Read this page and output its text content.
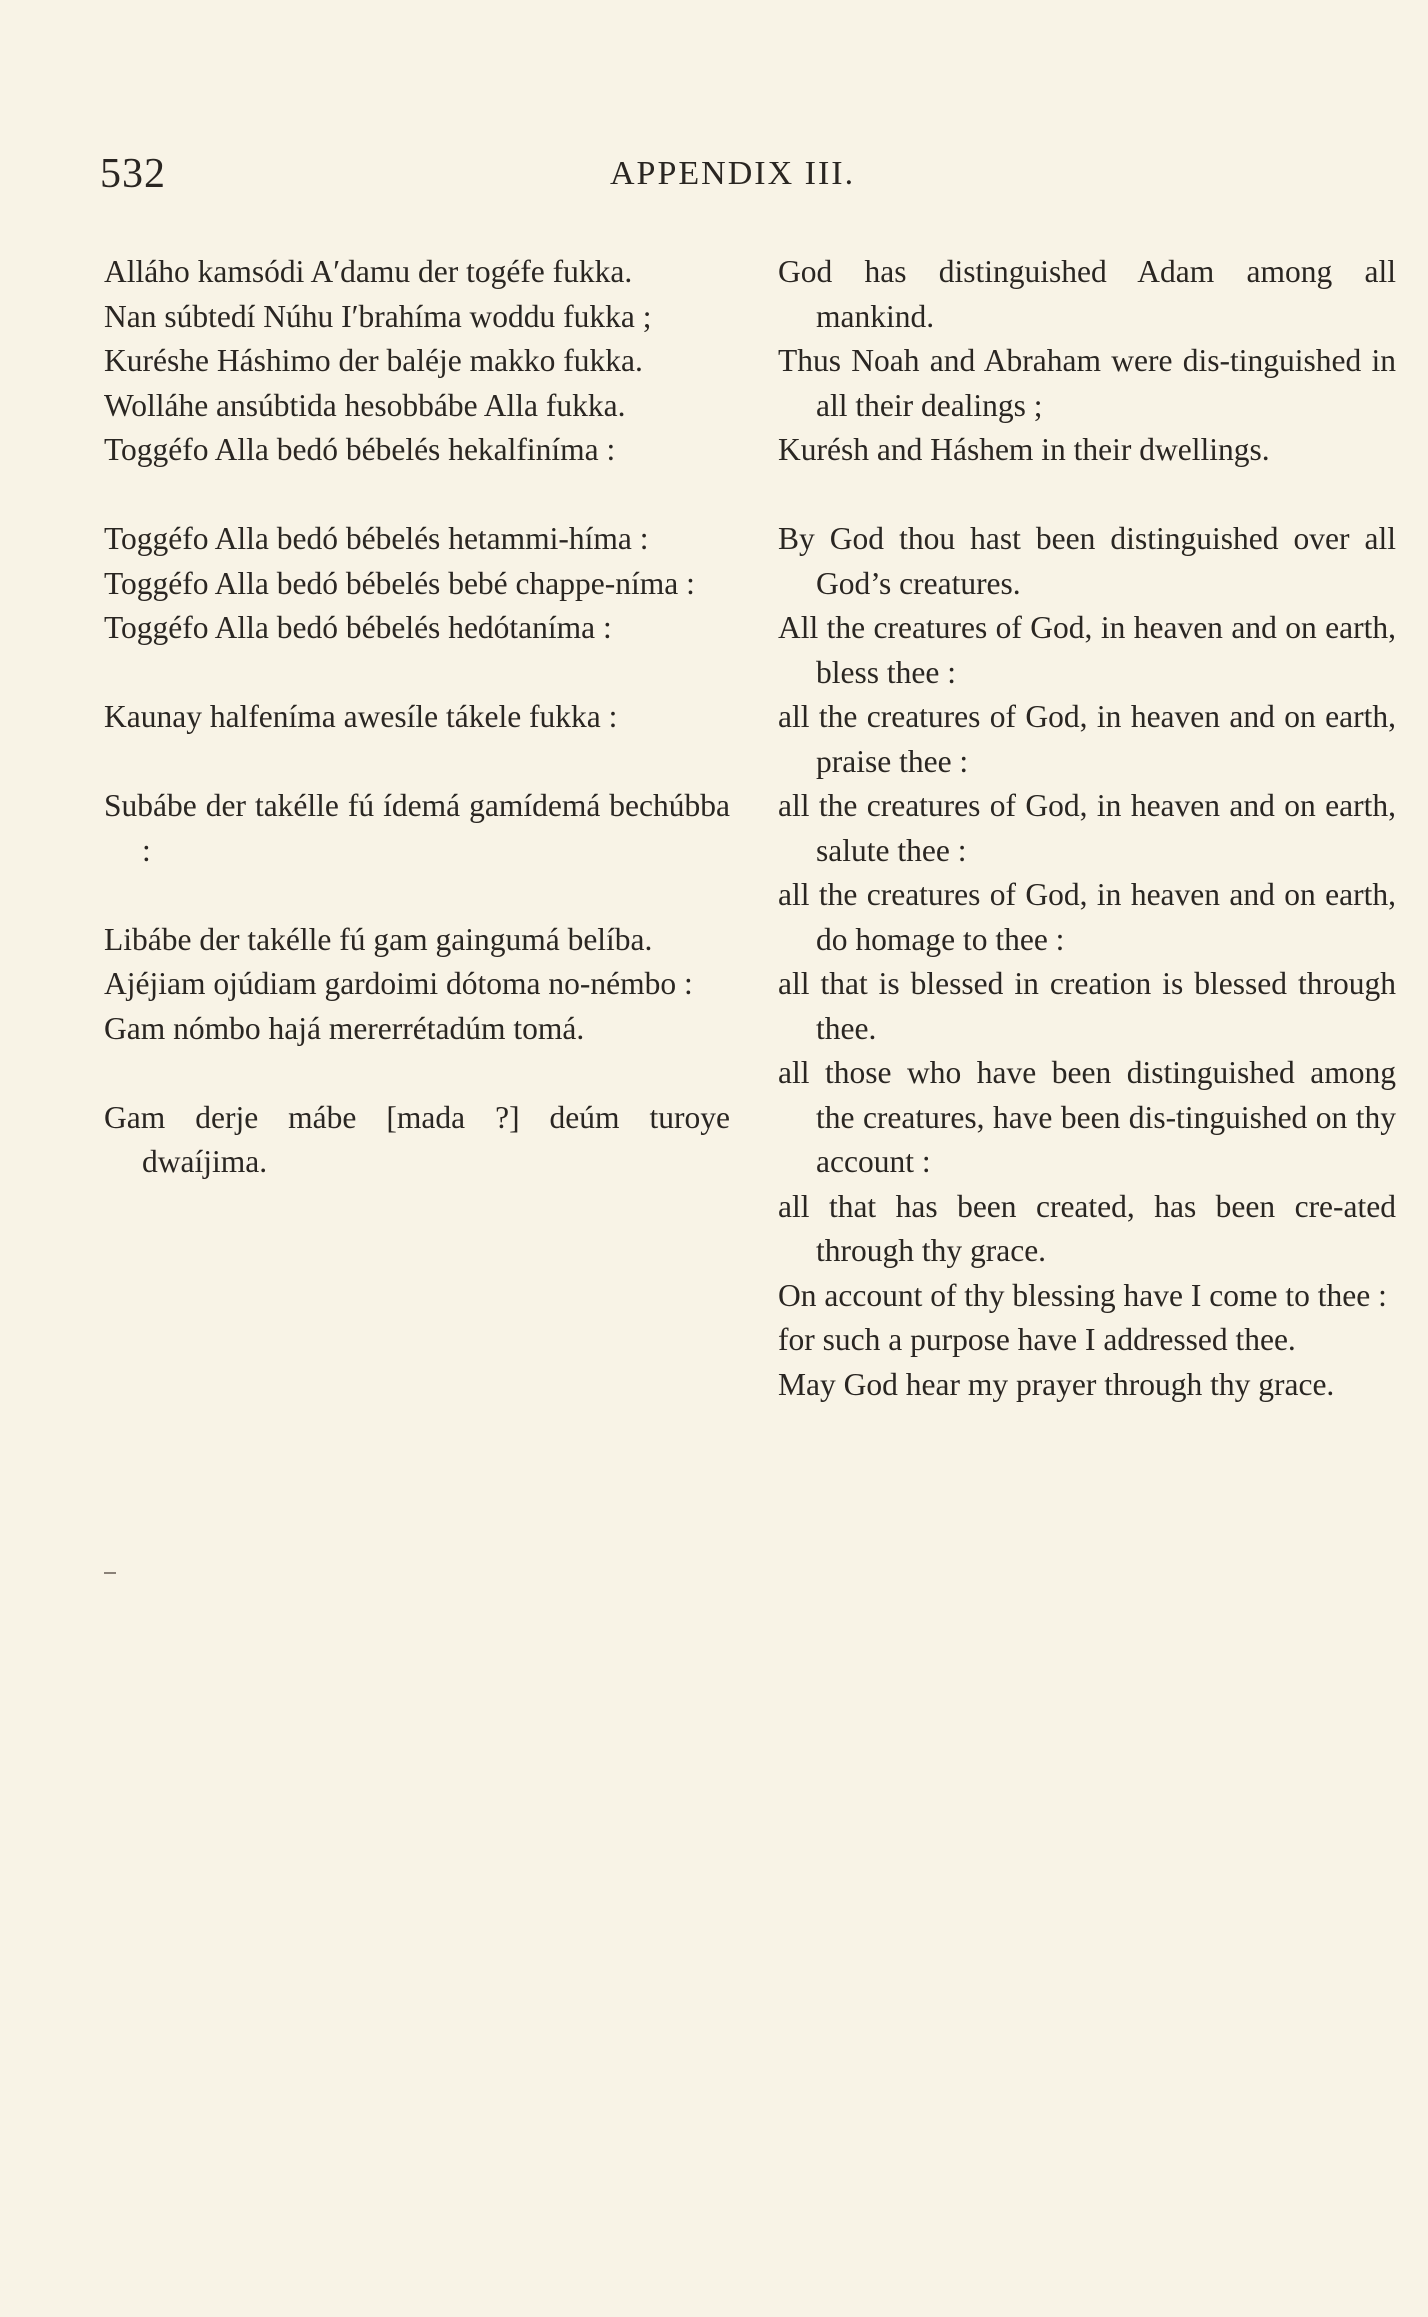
532	APPENDIX III.

Alláho kamsódi A′damu der togéfe fukka.

Nan súbtedí Núhu I′brahíma woddu fukka ;

Kuréshe Háshimo der baléje makko fukka.

Wolláhe ansúbtida hesobbábe Alla fukka.

Toggéfo Alla bedó bébelés hekalfiníma :

Toggéfo Alla bedó bébelés hetammi-híma :

Toggéfo Alla bedó bébelés bebé chappe-níma :

Toggéfo Alla bedó bébelés hedótaníma :

Kaunay halfeníma awesíle tákele fukka :

Subábe der takélle fú ídemá gamídemá bechúbba :

Libábe der takélle fú gam gaingumá belíba.

Ajéjiam ojúdiam gardoimi dótoma no-némbo :

Gam nómbo hajá mererrétadúm tomá.

Gam derje mábe [mada ?] deúm turoye dwaíjima.

God has distinguished Adam among all mankind.

Thus Noah and Abraham were dis-tinguished in all their dealings ;

Kurésh and Háshem in their dwellings.

By God thou hast been distinguished over all God’s creatures.

All the creatures of God, in heaven and on earth, bless thee :

all the creatures of God, in heaven and on earth, praise thee :

all the creatures of God, in heaven and on earth, salute thee :

all the creatures of God, in heaven and on earth, do homage to thee :

all that is blessed in creation is blessed through thee.

all those who have been distinguished among the creatures, have been dis-tinguished on thy account :

all that has been created, has been cre-ated through thy grace.

On account of thy blessing have I come to thee :

for such a purpose have I addressed thee.

May God hear my prayer through thy grace.
